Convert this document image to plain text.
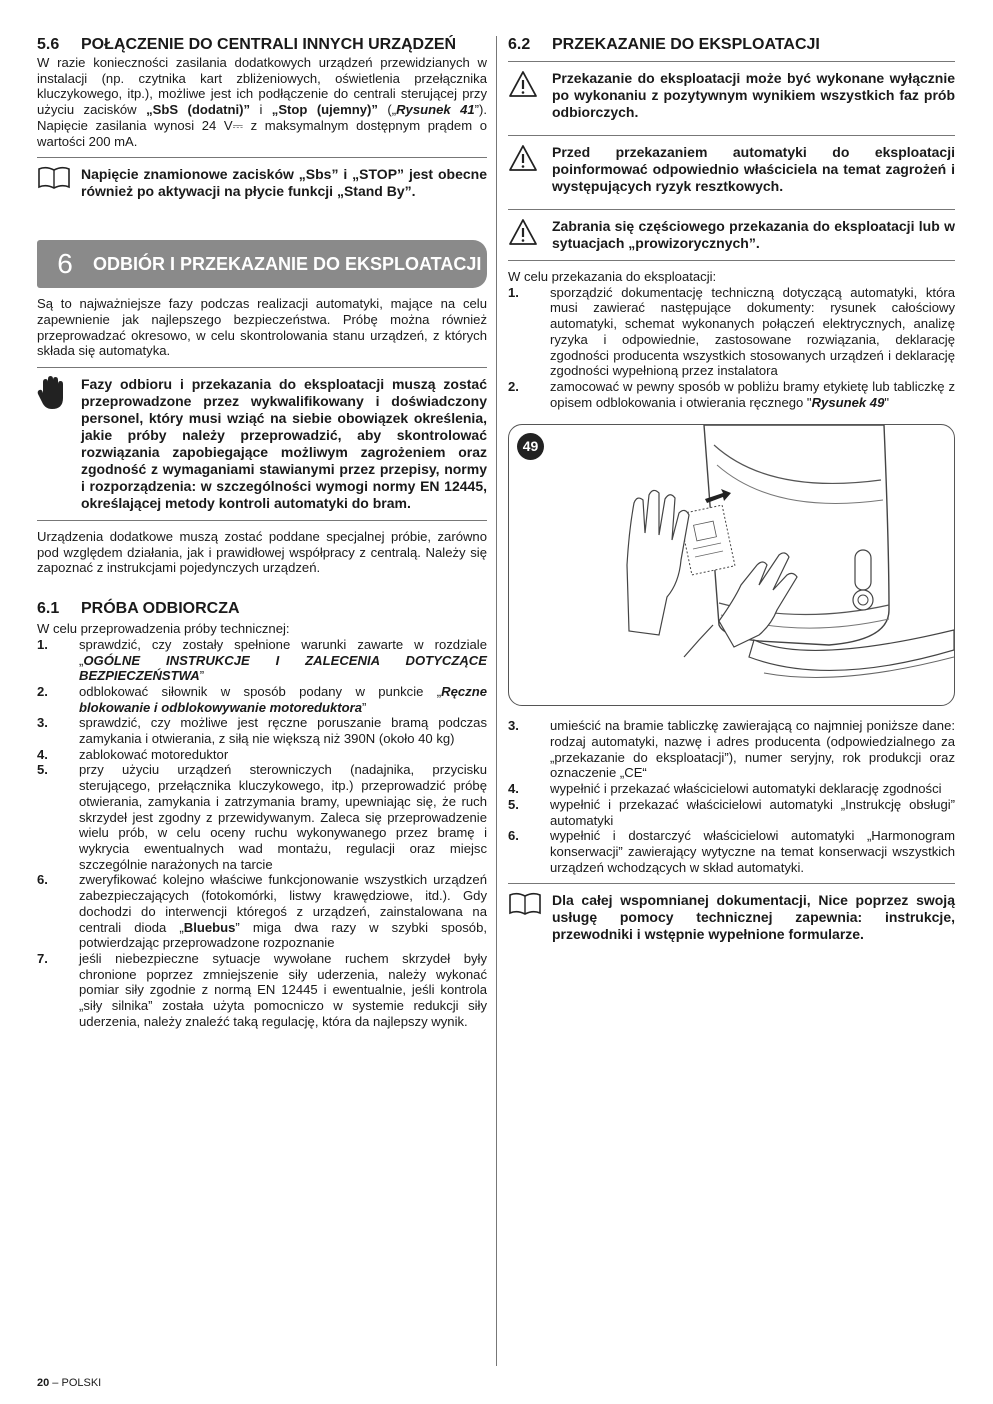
5.6	POŁĄCZENIE DO CENTRALI INNYCH URZĄDZEŃ

W razie konieczności zasilania dodatkowych urządzeń przewidzianych w instalacji (np. czytnika kart zbliżeniowych, oświetlenia przełącznika kluczykowego, itp.), możliwe jest ich podłączenie do centrali sterującej przy użyciu zacisków „SbS (dodatni)” i „Stop (ujemny)” („Rysunek 41”). Napięcie zasilania wynosi 24 V⎓ z maksymalnym dostępnym prądem o wartości 200 mA.

Napięcie znamionowe zacisków „Sbs” i „STOP” jest obecne również po aktywacji na płycie funkcji „Stand By”.
6	ODBIÓR I PRZEKAZANIE DO EKSPLOATACJI

Są to najważniejsze fazy podczas realizacji automatyki, mające na celu zapewnienie jak najlepszego bezpieczeństwa. Próbę można również przeprowadzać okresowo, w celu skontrolowania stanu urządzeń, z których składa się automatyka.

Fazy odbioru i przekazania do eksploatacji muszą zostać przeprowadzone przez wykwalifikowany i doświadczony personel, który musi wziąć na siebie obowiązek określenia, jakie próby należy przeprowadzić, aby skontrolować rozwiązania zapobiegające możliwym zagrożeniem oraz zgodność z wymaganiami stawianymi przez przepisy, normy i rozporządzenia: w szczególności wymogi normy EN 12445, określającej metody kontroli automatyki do bram.

Urządzenia dodatkowe muszą zostać poddane specjalnej próbie, zarówno pod względem działania, jak i prawidłowej współpracy z centralą. Należy się zapoznać z instrukcjami pojedynczych urządzeń.

6.1	PRÓBA ODBIORCZA

W celu przeprowadzenia próby technicznej:

1.	sprawdzić, czy zostały spełnione warunki zawarte w rozdziale „OGÓLNE INSTRUKCJE I ZALECENIA DOTYCZĄCE BEZPIECZEŃSTWA”
2.	odblokować siłownik w sposób podany w punkcie „Ręczne blokowanie i odblokowywanie motoreduktora”
3.	sprawdzić, czy możliwe jest ręczne poruszanie bramą podczas zamykania i otwierania, z siłą nie większą niż 390N (około 40 kg)
4.	zablokować motoreduktor
5.	przy użyciu urządzeń sterowniczych (nadajnika, przycisku sterującego, przełącznika kluczykowego, itp.) przeprowadzić próbę otwierania, zamykania i zatrzymania bramy, upewniając się, że ruch skrzydeł jest zgodny z przewidywanym. Zaleca się przeprowadzenie wielu prób, w celu oceny ruchu wykonywanego przez bramę i wykrycia ewentualnych wad montażu, regulacji oraz miejsc szczególnie narażonych na tarcie
6.	zweryfikować kolejno właściwe funkcjonowanie wszystkich urządzeń zabezpieczających (fotokomórki, listwy krawędziowe, itd.). Gdy dochodzi do interwencji któregoś z urządzeń, zainstalowana na centrali dioda „Bluebus” miga dwa razy w szybki sposób, potwierdzając przeprowadzone rozpoznanie
7.	jeśli niebezpieczne sytuacje wywołane ruchem skrzydeł były chronione poprzez zmniejszenie siły uderzenia, należy wykonać pomiar siły zgodnie z normą EN 12445 i ewentualnie, jeśli kontrola „siły silnika” została użyta pomocniczo w systemie redukcji siły uderzenia, należy znaleźć taką regulację, która da najlepszy wynik.
6.2	PRZEKAZANIE DO EKSPLOATACJI
Przekazanie do eksploatacji może być wykonane wyłącznie po wykonaniu z pozytywnym wynikiem wszystkich faz prób odbiorczych.
Przed przekazaniem automatyki do eksploatacji poinformować odpowiednio właściciela na temat zagrożeń i występujących ryzyk resztkowych.
Zabrania się częściowego przekazania do eksploatacji lub w sytuacjach „prowizorycznych”.

W celu przekazania do eksploatacji:

1.	sporządzić dokumentację techniczną dotyczącą automatyki, która musi zawierać następujące dokumenty: rysunek całościowy automatyki, schemat wykonanych połączeń elektrycznych, analizę ryzyka i odpowiednie, zastosowane rozwiązania, deklarację zgodności producenta wszystkich stosowanych urządzeń i deklarację zgodności wypełnioną przez instalatora
2.	zamocować w pewny sposób w pobliżu bramy etykietę lub tabliczkę z opisem odblokowania i otwierania ręcznego "Rysunek 49"
49
3.	umieścić na bramie tabliczkę zawierającą co najmniej poniższe dane: rodzaj automatyki, nazwę i adres producenta (odpowiedzialnego za „przekazanie do eksploatacji”), numer seryjny, rok produkcji oraz oznaczenie „CE“
4.	wypełnić i przekazać właścicielowi automatyki deklarację zgodności
5.	wypełnić i przekazać właścicielowi automatyki „Instrukcję obsługi” automatyki
6.	wypełnić i dostarczyć właścicielowi automatyki „Harmonogram konserwacji” zawierający wytyczne na temat konserwacji wszystkich urządzeń wchodzących w skład automatyki.
Dla całej wspomnianej dokumentacji, Nice poprzez swoją usługę pomocy technicznej zapewnia: instrukcje, przewodniki i wstępnie wypełnione formularze.
20 – POLSKI
